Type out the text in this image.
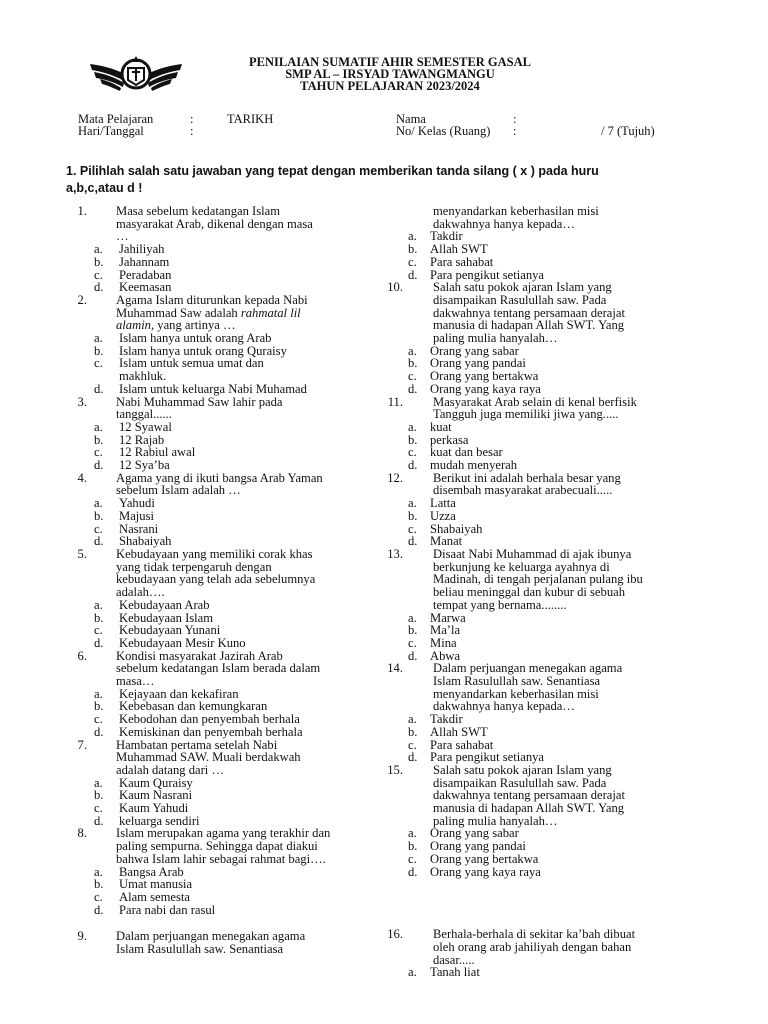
PENILAIAN SUMATIF AHIR SEMESTER GASAL
SMP AL – IRSYAD TAWANGMANGU
TAHUN PELAJARAN 2023/2024
Mata Pelajaran	:	TARIKH
Hari/Tanggal	:
Nama	:
No/ Kelas (Ruang) :	/ 7 (Tujuh)
1. Pilihlah salah satu jawaban yang tepat dengan memberikan tanda silang ( x ) pada huru
a,b,c,atau d !
1. Masa sebelum kedatangan Islam
masyarakat Arab, dikenal dengan masa
…
a. Jahiliyah
b. Jahannam
c. Peradaban
d. Keemasan
2. Agama Islam diturunkan kepada Nabi
Muhammad Saw adalah rahmatal lil
alamin, yang artinya …
a. Islam hanya untuk orang Arab
b. Islam hanya untuk orang Quraisy
c. Islam untuk semua umat dan
makhluk.
d. Islam untuk keluarga Nabi Muhamad
3. Nabi Muhammad Saw lahir pada
tanggal......
a. 12 Syawal
b. 12 Rajab
c. 12 Rabiul awal
d. 12 Sya’ba
4. Agama yang di ikuti bangsa Arab Yaman
sebelum Islam adalah …
a. Yahudi
b. Majusi
c. Nasrani
d. Shabaiyah
5. Kebudayaan yang memiliki corak khas
yang tidak terpengaruh dengan
kebudayaan yang telah ada sebelumnya
adalah….
a. Kebudayaan Arab
b. Kebudayaan Islam
c. Kebudayaan Yunani
d. Kebudayaan Mesir Kuno
6. Kondisi masyarakat Jazirah Arab
sebelum kedatangan Islam berada dalam
masa…
a. Kejayaan dan kekafiran
b. Kebebasan dan kemungkaran
c. Kebodohan dan penyembah berhala
d. Kemiskinan dan penyembah berhala
7. Hambatan pertama setelah Nabi
Muhammad SAW. Muali berdakwah
adalah datang dari …
a. Kaum Quraisy
b. Kaum Nasrani
c. Kaum Yahudi
d. keluarga sendiri
8. Islam merupakan agama yang terakhir dan
paling sempurna. Sehingga dapat diakui
bahwa Islam lahir sebagai rahmat bagi….
a. Bangsa Arab
b. Umat manusia
c. Alam semesta
d. Para nabi dan rasul
9. Dalam perjuangan menegakan agama
Islam Rasulullah saw. Senantiasa
menyandarkan keberhasilan misi
dakwahnya hanya kepada…
a. Takdir
b. Allah SWT
c. Para sahabat
d. Para pengikut setianya
10. Salah satu pokok ajaran Islam yang
disampaikan Rasulullah saw. Pada
dakwahnya tentang persamaan derajat
manusia di hadapan Allah SWT. Yang
paling mulia hanyalah…
a. Orang yang sabar
b. Orang yang pandai
c. Orang yang bertakwa
d. Orang yang kaya raya
11. Masyarakat Arab selain di kenal berfisik
Tangguh juga memiliki jiwa yang.....
a. kuat
b. perkasa
c. kuat dan besar
d. mudah menyerah
12. Berikut ini adalah berhala besar yang
disembah masyarakat arabecuali.....
a. Latta
b. Uzza
c. Shabaiyah
d. Manat
13. Disaat Nabi Muhammad di ajak ibunya
berkunjung ke keluarga ayahnya di
Madinah, di tengah perjalanan pulang ibu
beliau meninggal dan kubur di sebuah
tempat yang bernama........
a. Marwa
b. Ma’la
c. Mina
d. Abwa
14. Dalam perjuangan menegakan agama
Islam Rasulullah saw. Senantiasa
menyandarkan keberhasilan misi
dakwahnya hanya kepada…
a. Takdir
b. Allah SWT
c. Para sahabat
d. Para pengikut setianya
15. Salah satu pokok ajaran Islam yang
disampaikan Rasulullah saw. Pada
dakwahnya tentang persamaan derajat
manusia di hadapan Allah SWT. Yang
paling mulia hanyalah…
a. Orang yang sabar
b. Orang yang pandai
c. Orang yang bertakwa
d. Orang yang kaya raya
16. Berhala-berhala di sekitar ka’bah dibuat
oleh orang arab jahiliyah dengan bahan
dasar.....
a. Tanah liat
